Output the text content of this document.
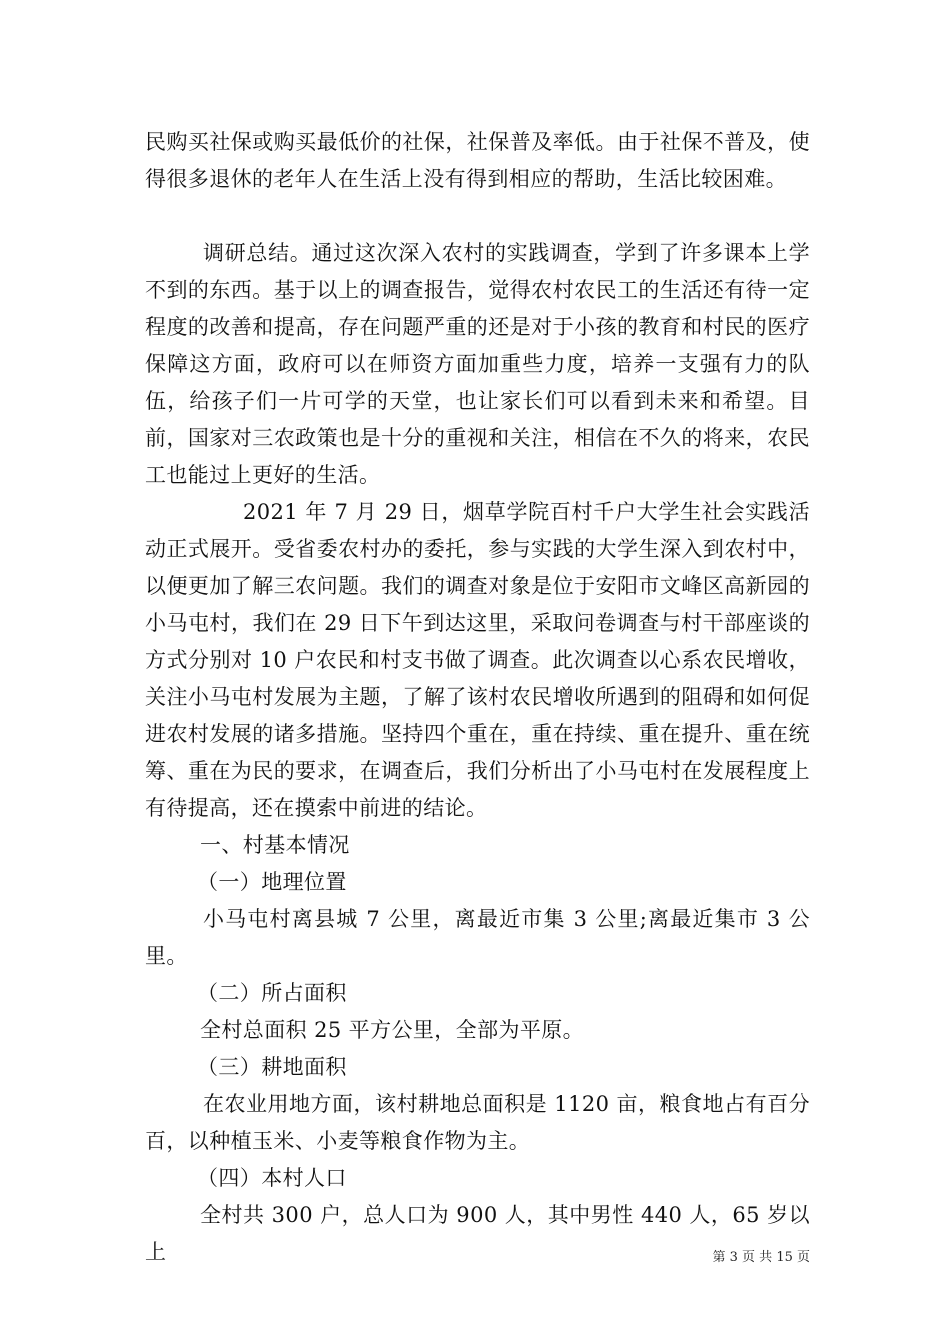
民购买社保或购买最低价的社保，社保普及率低。由于社保不普及，使得很多退休的老年人在生活上没有得到相应的帮助，生活比较困难。

调研总结。通过这次深入农村的实践调查，学到了许多课本上学不到的东西。基于以上的调查报告，觉得农村农民工的生活还有待一定程度的改善和提高，存在问题严重的还是对于小孩的教育和村民的医疗保障这方面，政府可以在师资方面加重些力度，培养一支强有力的队伍，给孩子们一片可学的天堂，也让家长们可以看到未来和希望。目前，国家对三农政策也是十分的重视和关注，相信在不久的将来，农民工也能过上更好的生活。

2021 年 7 月 29 日，烟草学院百村千户大学生社会实践活动正式展开。受省委农村办的委托，参与实践的大学生深入到农村中，以便更加了解三农问题。我们的调查对象是位于安阳市文峰区高新园的小马屯村，我们在 29 日下午到达这里，采取问卷调查与村干部座谈的方式分别对 10 户农民和村支书做了调查。此次调查以心系农民增收，关注小马屯村发展为主题，了解了该村农民增收所遇到的阻碍和如何促进农村发展的诸多措施。坚持四个重在，重在持续、重在提升、重在统筹、重在为民的要求，在调查后，我们分析出了小马屯村在发展程度上有待提高，还在摸索中前进的结论。

一、村基本情况

（一）地理位置

小马屯村离县城 7 公里，离最近市集 3 公里;离最近集市 3 公里。

（二）所占面积

全村总面积 25 平方公里，全部为平原。

（三）耕地面积

在农业用地方面，该村耕地总面积是 1120 亩，粮食地占有百分百，以种植玉米、小麦等粮食作物为主。

（四）本村人口

全村共 300 户，总人口为 900 人，其中男性 440 人，65 岁以上	第 3 页 共 15 页
